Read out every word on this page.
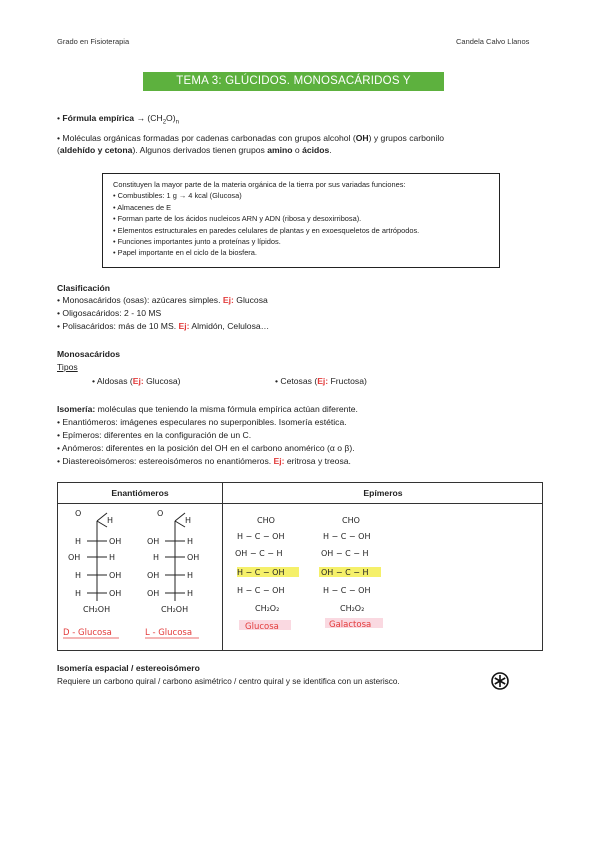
Grado en Fisioterapia	Candela Calvo Llanos
TEMA 3: GLÚCIDOS. MONOSACÁRIDOS Y DISACÁRIDOS.
• Fórmula empírica → $(CH_2O)_n$
• Moléculas orgánicas formadas por cadenas carbonadas con grupos alcohol (OH) y grupos carbonilo
(aldehído y cetona). Algunos derivados tienen grupos amino o ácidos.
Constituyen la mayor parte de la materia orgánica de la tierra por sus variadas funciones:
• Combustibles: 1 g → 4 kcal (Glucosa)
• Almacenes de E
• Forman parte de los ácidos nucleicos ARN y ADN (ribosa y desoxirribosa).
• Elementos estructurales en paredes celulares de plantas y en exoesqueletos de artrópodos.
• Funciones importantes junto a proteínas y lípidos.
• Papel importante en el ciclo de la biosfera.
Clasificación
• Monosacáridos (osas): azúcares simples. Ej: Glucosa
• Oligosacáridos: 2 - 10 MS
• Polisacáridos: más de 10 MS. Ej: Almidón, Celulosa…
Monosacáridos
Tipos
• Aldosas (Ej: Glucosa)	• Cetosas (Ej: Fructosa)
Isomería: moléculas que teniendo la misma fórmula empírica actúan diferente.
• Enantiómeros: imágenes especulares no superponibles. Isomería estética.
• Epímeros: diferentes en la configuración de un C.
• Anómeros: diferentes en la posición del OH en el carbono anomérico (α o β).
• Diastereoisómeros: estereoisómeros no enantiómeros. Ej: eritrosa y treosa.
Enantiómeros	Epímeros
O
H
H	OH
OH	H
H	OH
H	OH
CH₂OH
D - Glucosa
O
H
OH	H
H	OH
OH	H
OH	H
CH₂OH
L - Glucosa
CHO
H − C − OH
OH − C − H
H − C − OH
H − C − OH
CH₂O₂
Glucosa
CHO
H − C − OH
OH − C − H
OH − C − H
H − C − OH
CH₂O₂
Galactosa
Isomería espacial / estereoisómero
Requiere un carbono quiral / carbono asimétrico / centro quiral y se identifica con un asterisco.
